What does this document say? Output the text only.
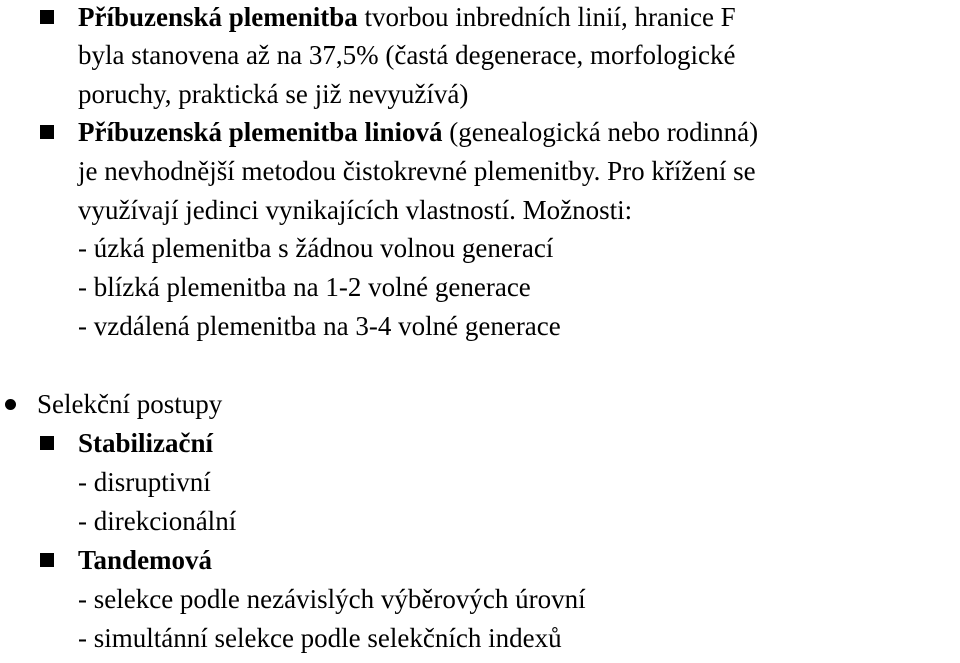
Příbuzenská plemenitba tvorbou inbredních linií, hranice F
byla stanovena až na 37,5% (častá degenerace, morfologické
poruchy, praktická se již nevyužívá)
Příbuzenská plemenitba liniová (genealogická nebo rodinná)
je nevhodnější metodou čistokrevné plemenitby. Pro křížení se
využívají jedinci vynikajících vlastností. Možnosti:
- úzká plemenitba s žádnou volnou generací
- blízká plemenitba na 1-2 volné generace
- vzdálená plemenitba na 3-4 volné generace
Selekční postupy
Stabilizační
- disruptivní
- direkcionální
Tandemová
- selekce podle nezávislých výběrových úrovní
- simultánní selekce podle selekčních indexů
